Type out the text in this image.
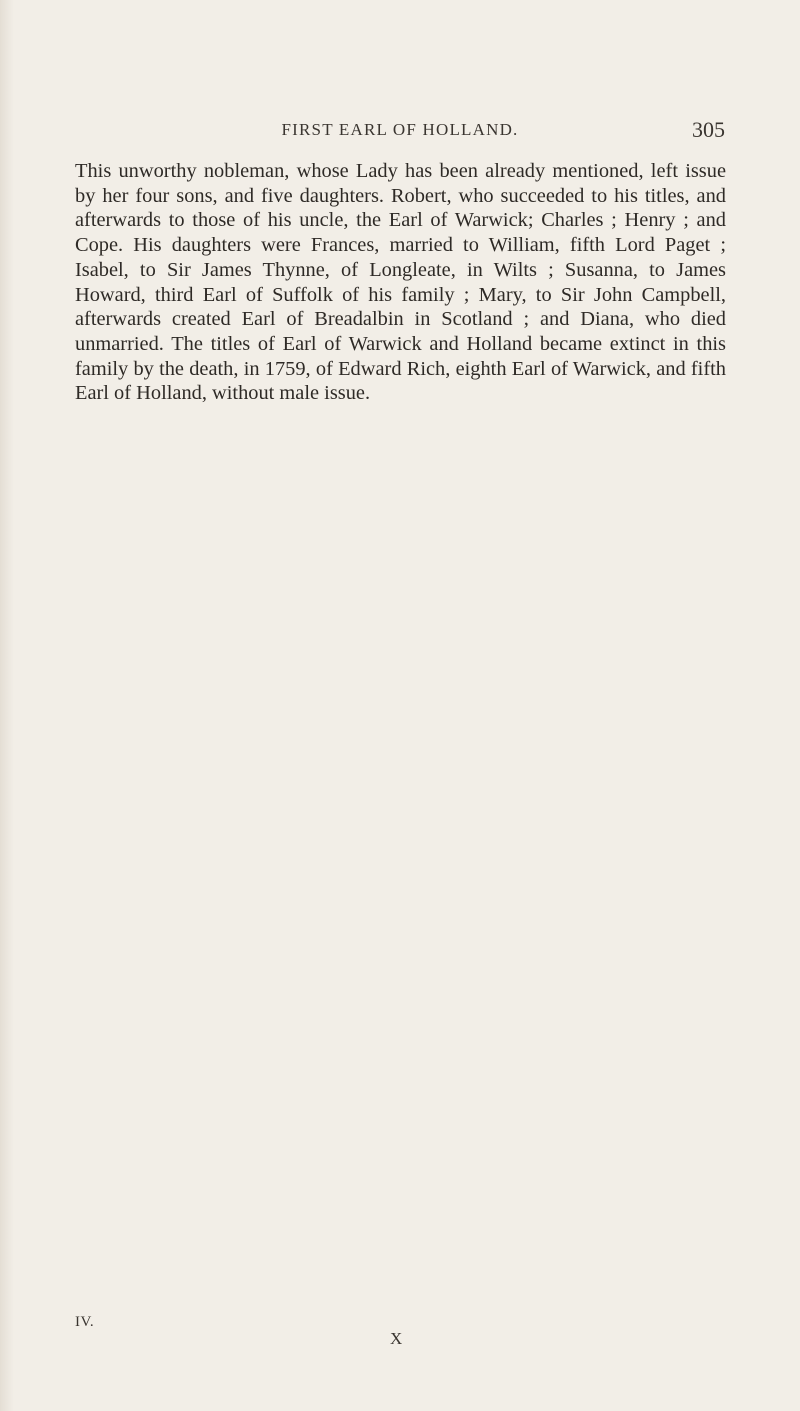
FIRST EARL OF HOLLAND.	305

This unworthy nobleman, whose Lady has been already mentioned, left issue by her four sons, and five daughters. Robert, who succeeded to his titles, and afterwards to those of his uncle, the Earl of Warwick; Charles ; Henry ; and Cope. His daughters were Frances, married to William, fifth Lord Paget ; Isabel, to Sir James Thynne, of Longleate, in Wilts ; Susanna, to James Howard, third Earl of Suffolk of his family ; Mary, to Sir John Campbell, afterwards created Earl of Breadalbin in Scotland ; and Diana, who died unmarried. The titles of Earl of Warwick and Holland became extinct in this family by the death, in 1759, of Edward Rich, eighth Earl of Warwick, and fifth Earl of Holland, without male issue.

IV.
X
